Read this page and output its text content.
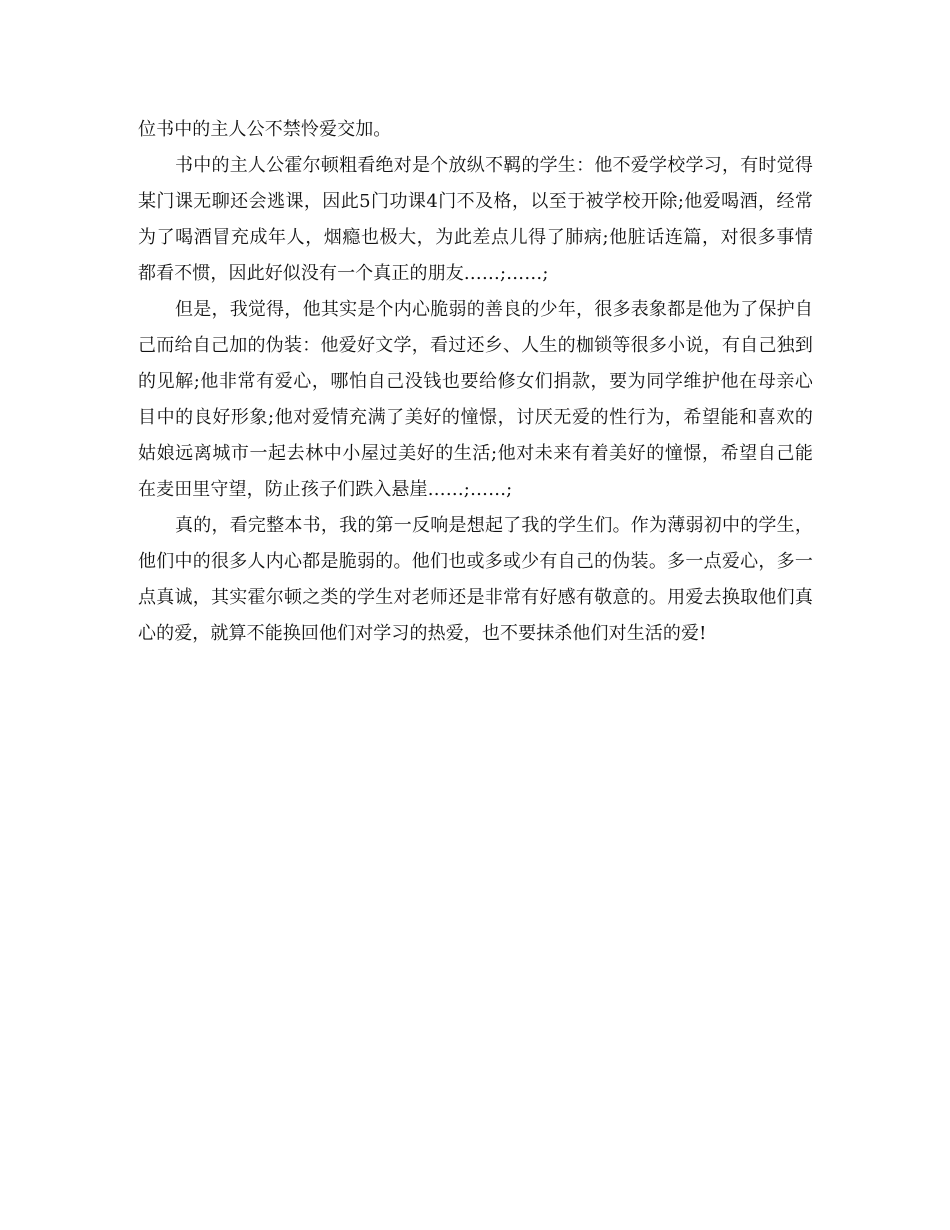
位书中的主人公不禁怜爱交加。

书中的主人公霍尔顿粗看绝对是个放纵不羁的学生：他不爱学校学习，有时觉得某门课无聊还会逃课，因此5门功课4门不及格，以至于被学校开除;他爱喝酒，经常为了喝酒冒充成年人，烟瘾也极大，为此差点儿得了肺病;他脏话连篇，对很多事情都看不惯，因此好似没有一个真正的朋友……;……;

但是，我觉得，他其实是个内心脆弱的善良的少年，很多表象都是他为了保护自己而给自己加的伪装：他爱好文学，看过还乡、人生的枷锁等很多小说，有自己独到的见解;他非常有爱心，哪怕自己没钱也要给修女们捐款，要为同学维护他在母亲心目中的良好形象;他对爱情充满了美好的憧憬，讨厌无爱的性行为，希望能和喜欢的姑娘远离城市一起去林中小屋过美好的生活;他对未来有着美好的憧憬，希望自己能在麦田里守望，防止孩子们跌入悬崖……;……;

真的，看完整本书，我的第一反响是想起了我的学生们。作为薄弱初中的学生，他们中的很多人内心都是脆弱的。他们也或多或少有自己的伪装。多一点爱心，多一点真诚，其实霍尔顿之类的学生对老师还是非常有好感有敬意的。用爱去换取他们真心的爱，就算不能换回他们对学习的热爱，也不要抹杀他们对生活的爱!
